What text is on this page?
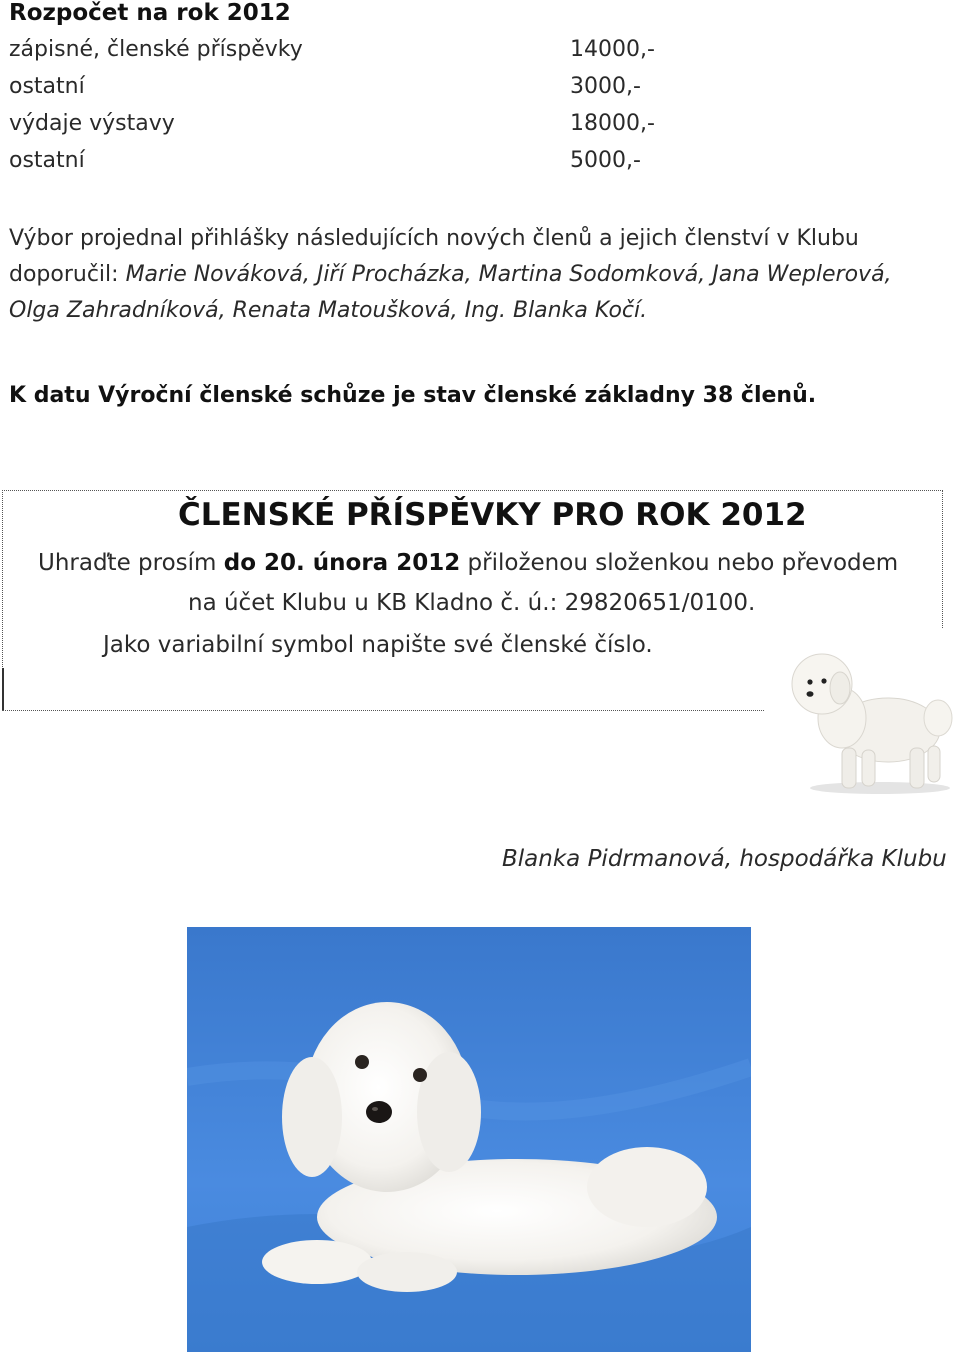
Rozpočet na rok 2012
zápisné, členské příspěvky	14000,-
ostatní	3000,-
výdaje výstavy	18000,-
ostatní	5000,-
Výbor projednal přihlášky následujících nových členů a jejich členství v Klubu doporučil: Marie Nováková, Jiří Procházka, Martina Sodomková, Jana Weplerová, Olga Zahradníková, Renata Matoušková, Ing. Blanka Kočí.
K datu Výroční členské schůze je stav členské základny 38 členů.
ČLENSKÉ PŘÍSPĚVKY PRO ROK 2012
Uhraďte prosím do 20. února 2012 přiloženou složenkou nebo převodem
na účet Klubu u KB Kladno č. ú.: 29820651/0100.
Jako variabilní symbol napište své členské číslo.
Blanka Pidrmanová, hospodářka Klubu
